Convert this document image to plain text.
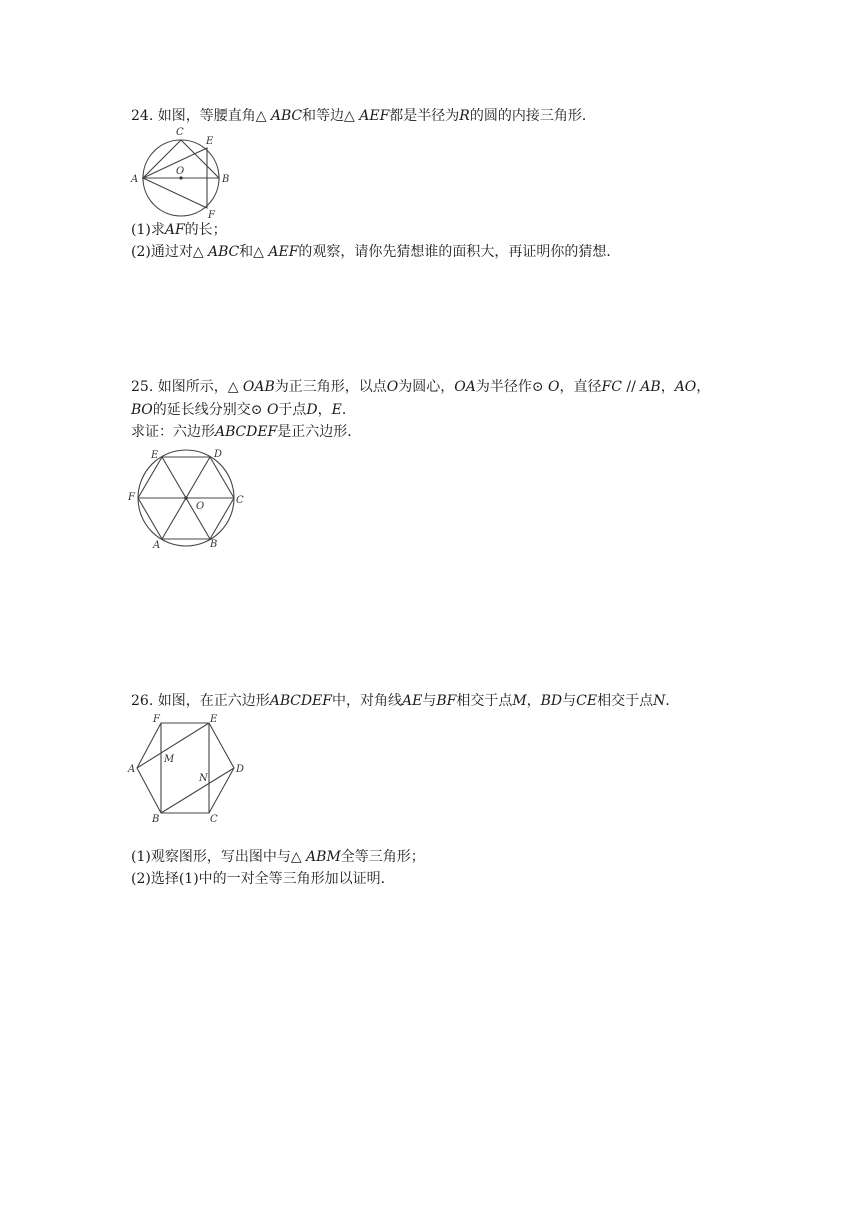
24. 如图，等腰直角△ 𝐴𝐵𝐶和等边△ 𝐴𝐸𝐹都是半径为𝑅的圆的内接三角形．
A	B
C
E
F
O
(1)求𝐴𝐹的长；
(2)通过对△ 𝐴𝐵𝐶和△ 𝐴𝐸𝐹的观察，请你先猜想谁的面积大，再证明你的猜想．
25. 如图所示，△ 𝑂𝐴𝐵为正三角形，以点𝑂为圆心，𝑂𝐴为半径作⊙ 𝑂，直径𝐹𝐶 // 𝐴𝐵，𝐴𝑂，
𝐵𝑂的延长线分别交⊙ 𝑂于点𝐷，𝐸．
求证：六边形𝐴𝐵𝐶𝐷𝐸𝐹是正六边形．
E	D
F	C
O
A	B
26. 如图，在正六边形𝐴𝐵𝐶𝐷𝐸𝐹中，对角线𝐴𝐸与𝐵𝐹相交于点𝑀，𝐵𝐷与𝐶𝐸相交于点𝑁．
F	E
A	D
M
N
B	C
(1)观察图形，写出图中与△ 𝐴𝐵𝑀全等三角形；
(2)选择(1)中的一对全等三角形加以证明．
